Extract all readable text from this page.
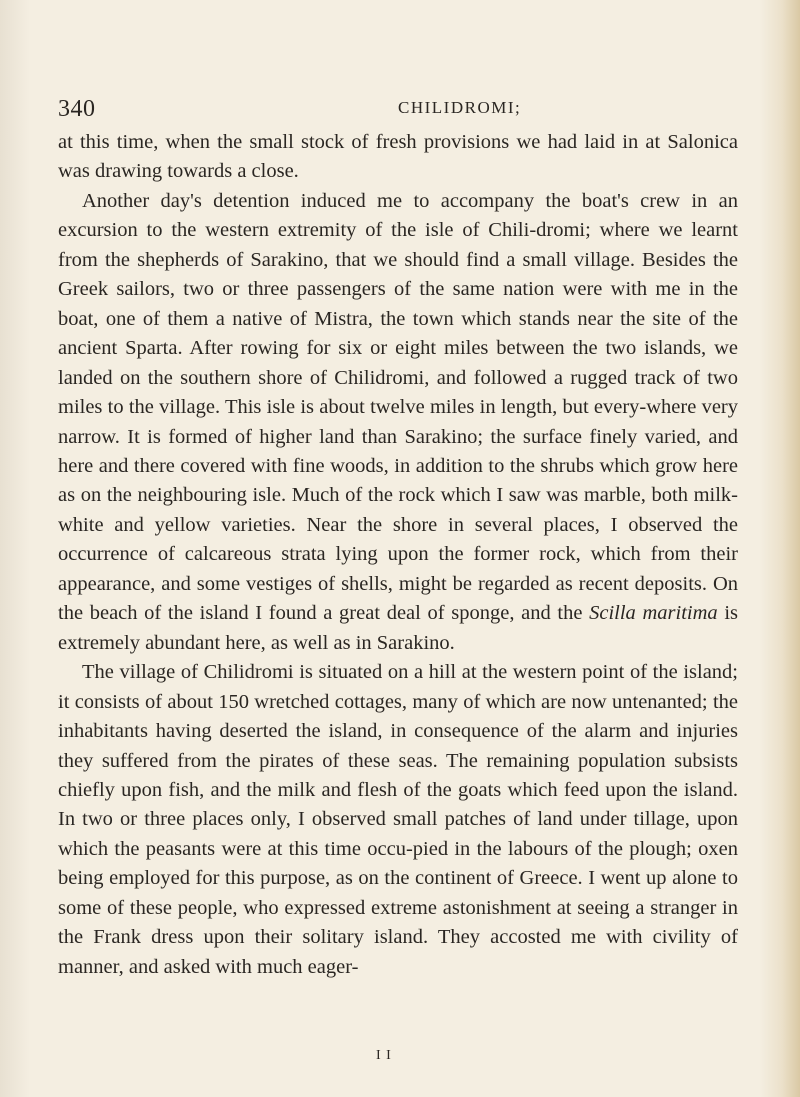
340	CHILIDROMI;

at this time, when the small stock of fresh provisions we had laid in at Salonica was drawing towards a close.

Another day's detention induced me to accompany the boat's crew in an excursion to the western extremity of the isle of Chili-dromi; where we learnt from the shepherds of Sarakino, that we should find a small village. Besides the Greek sailors, two or three passengers of the same nation were with me in the boat, one of them a native of Mistra, the town which stands near the site of the ancient Sparta. After rowing for six or eight miles between the two islands, we landed on the southern shore of Chilidromi, and followed a rugged track of two miles to the village. This isle is about twelve miles in length, but every-where very narrow. It is formed of higher land than Sarakino; the surface finely varied, and here and there covered with fine woods, in addition to the shrubs which grow here as on the neighbouring isle. Much of the rock which I saw was marble, both milk-white and yellow varieties. Near the shore in several places, I observed the occurrence of calcareous strata lying upon the former rock, which from their appearance, and some vestiges of shells, might be regarded as recent deposits. On the beach of the island I found a great deal of sponge, and the Scilla maritima is extremely abundant here, as well as in Sarakino.

The village of Chilidromi is situated on a hill at the western point of the island; it consists of about 150 wretched cottages, many of which are now untenanted; the inhabitants having deserted the island, in consequence of the alarm and injuries they suffered from the pirates of these seas. The remaining population subsists chiefly upon fish, and the milk and flesh of the goats which feed upon the island. In two or three places only, I observed small patches of land under tillage, upon which the peasants were at this time occu-pied in the labours of the plough; oxen being employed for this purpose, as on the continent of Greece. I went up alone to some of these people, who expressed extreme astonishment at seeing a stranger in the Frank dress upon their solitary island. They accosted me with civility of manner, and asked with much eager-

I I
